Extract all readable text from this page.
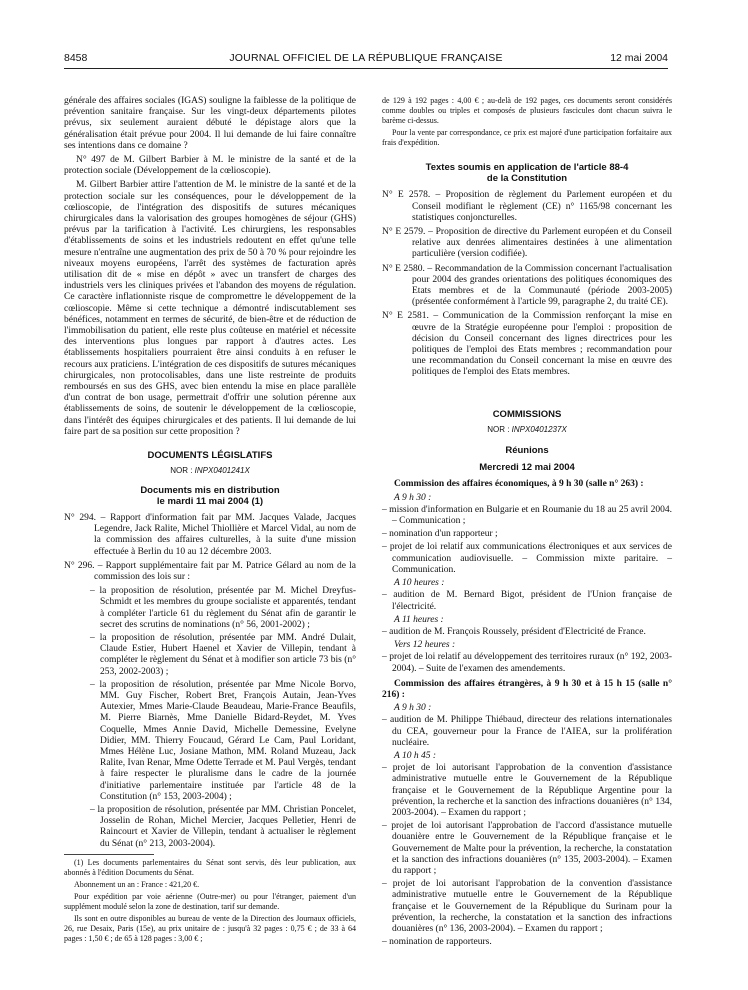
8458	JOURNAL OFFICIEL DE LA RÉPUBLIQUE FRANÇAISE	12 mai 2004

générale des affaires sociales (IGAS) souligne la faiblesse de la politique de prévention sanitaire française. Sur les vingt-deux départements pilotes prévus, six seulement auraient débuté le dépistage alors que la généralisation était prévue pour 2004. Il lui demande de lui faire connaître ses intentions dans ce domaine ?

N° 497 de M. Gilbert Barbier à M. le ministre de la santé et de la protection sociale (Développement de la cœlioscopie).

M. Gilbert Barbier attire l'attention de M. le ministre de la santé et de la protection sociale sur les conséquences, pour le développement de la cœlioscopie, de l'intégration des dispositifs de sutures mécaniques chirurgicales dans la valorisation des groupes homogènes de séjour (GHS) prévus par la tarification à l'activité. Les chirurgiens, les responsables d'établissements de soins et les industriels redoutent en effet qu'une telle mesure n'entraîne une augmentation des prix de 50 à 70 % pour rejoindre les niveaux moyens européens, l'arrêt des systèmes de facturation après utilisation dit de « mise en dépôt » avec un transfert de charges des industriels vers les cliniques privées et l'abandon des moyens de régulation. Ce caractère inflationniste risque de compromettre le développement de la cœlioscopie. Même si cette technique a démontré indiscutablement ses bénéfices, notamment en termes de sécurité, de bien-être et de réduction de l'immobilisation du patient, elle reste plus coûteuse en matériel et nécessite des interventions plus longues par rapport à d'autres actes. Les établissements hospitaliers pourraient être ainsi conduits à en refuser le recours aux praticiens. L'intégration de ces dispositifs de sutures mécaniques chirurgicales, non protocolisables, dans une liste restreinte de produits remboursés en sus des GHS, avec bien entendu la mise en place parallèle d'un contrat de bon usage, permettrait d'offrir une solution pérenne aux établissements de soins, de soutenir le développement de la cœlioscopie, dans l'intérêt des équipes chirurgicales et des patients. Il lui demande de lui faire part de sa position sur cette proposition ?

DOCUMENTS LÉGISLATIFS
NOR : INPX0401241X
Documents mis en distribution
le mardi 11 mai 2004 (1)

N° 294. – Rapport d'information fait par MM. Jacques Valade, Jacques Legendre, Jack Ralite, Michel Thiollière et Marcel Vidal, au nom de la commission des affaires culturelles, à la suite d'une mission effectuée à Berlin du 10 au 12 décembre 2003.

N° 296. – Rapport supplémentaire fait par M. Patrice Gélard au nom de la commission des lois sur :

– la proposition de résolution, présentée par M. Michel Dreyfus-Schmidt et les membres du groupe socialiste et apparentés, tendant à compléter l'article 61 du règlement du Sénat afin de garantir le secret des scrutins de nominations (n° 56, 2001-2002) ;

– la proposition de résolution, présentée par MM. André Dulait, Claude Estier, Hubert Haenel et Xavier de Villepin, tendant à compléter le règlement du Sénat et à modifier son article 73 bis (n° 253, 2002-2003) ;

– la proposition de résolution, présentée par Mme Nicole Borvo, MM. Guy Fischer, Robert Bret, François Autain, Jean-Yves Autexier, Mmes Marie-Claude Beaudeau, Marie-France Beaufils, M. Pierre Biarnès, Mme Danielle Bidard-Reydet, M. Yves Coquelle, Mmes Annie David, Michelle Demessine, Evelyne Didier, MM. Thierry Foucaud, Gérard Le Cam, Paul Loridant, Mmes Hélène Luc, Josiane Mathon, MM. Roland Muzeau, Jack Ralite, Ivan Renar, Mme Odette Terrade et M. Paul Vergès, tendant à faire respecter le pluralisme dans le cadre de la journée d'initiative parlementaire instituée par l'article 48 de la Constitution (n° 153, 2003-2004) ;

– la proposition de résolution, présentée par MM. Christian Poncelet, Josselin de Rohan, Michel Mercier, Jacques Pelletier, Henri de Raincourt et Xavier de Villepin, tendant à actualiser le règlement du Sénat (n° 213, 2003-2004).

(1) Les documents parlementaires du Sénat sont servis, dès leur publication, aux abonnés à l'édition Documents du Sénat.

Abonnement un an : France : 421,20 €.

Pour expédition par voie aérienne (Outre-mer) ou pour l'étranger, paiement d'un supplément modulé selon la zone de destination, tarif sur demande.

Ils sont en outre disponibles au bureau de vente de la Direction des Journaux officiels, 26, rue Desaix, Paris (15e), au prix unitaire de : jusqu'à 32 pages : 0,75 € ; de 33 à 64 pages : 1,50 € ; de 65 à 128 pages : 3,00 € ;

de 129 à 192 pages : 4,00 € ; au-delà de 192 pages, ces documents seront considérés comme doubles ou triples et composés de plusieurs fascicules dont chacun suivra le barème ci-dessus.

Pour la vente par correspondance, ce prix est majoré d'une participation forfaitaire aux frais d'expédition.

Textes soumis en application de l'article 88-4
de la Constitution

N° E 2578. – Proposition de règlement du Parlement européen et du Conseil modifiant le règlement (CE) n° 1165/98 concernant les statistiques conjoncturelles.

N° E 2579. – Proposition de directive du Parlement européen et du Conseil relative aux denrées alimentaires destinées à une alimentation particulière (version codifiée).

N° E 2580. – Recommandation de la Commission concernant l'actualisation pour 2004 des grandes orientations des politiques économiques des Etats membres et de la Communauté (période 2003-2005) (présentée conformément à l'article 99, paragraphe 2, du traité CE).

N° E 2581. – Communication de la Commission renforçant la mise en œuvre de la Stratégie européenne pour l'emploi : proposition de décision du Conseil concernant des lignes directrices pour les politiques de l'emploi des Etats membres ; recommandation pour une recommandation du Conseil concernant la mise en œuvre des politiques de l'emploi des Etats membres.

COMMISSIONS
NOR : INPX0401237X
Réunions
Mercredi 12 mai 2004

Commission des affaires économiques, à 9 h 30 (salle n° 263) :

A 9 h 30 :

– mission d'information en Bulgarie et en Roumanie du 18 au 25 avril 2004. – Communication ;

– nomination d'un rapporteur ;

– projet de loi relatif aux communications électroniques et aux services de communication audiovisuelle. – Commission mixte paritaire. – Communication.

A 10 heures :

– audition de M. Bernard Bigot, président de l'Union française de l'électricité.

A 11 heures :

– audition de M. François Roussely, président d'Electricité de France.

Vers 12 heures :

– projet de loi relatif au développement des territoires ruraux (n° 192, 2003-2004). – Suite de l'examen des amendements.

Commission des affaires étrangères, à 9 h 30 et à 15 h 15 (salle n° 216) :

A 9 h 30 :

– audition de M. Philippe Thiébaud, directeur des relations internationales du CEA, gouverneur pour la France de l'AIEA, sur la prolifération nucléaire.

A 10 h 45 :

– projet de loi autorisant l'approbation de la convention d'assistance administrative mutuelle entre le Gouvernement de la République française et le Gouvernement de la République Argentine pour la prévention, la recherche et la sanction des infractions douanières (n° 134, 2003-2004). – Examen du rapport ;

– projet de loi autorisant l'approbation de l'accord d'assistance mutuelle douanière entre le Gouvernement de la République française et le Gouvernement de Malte pour la prévention, la recherche, la constatation et la sanction des infractions douanières (n° 135, 2003-2004). – Examen du rapport ;

– projet de loi autorisant l'approbation de la convention d'assistance administrative mutuelle entre le Gouvernement de la République française et le Gouvernement de la République du Surinam pour la prévention, la recherche, la constatation et la sanction des infractions douanières (n° 136, 2003-2004). – Examen du rapport ;

– nomination de rapporteurs.
